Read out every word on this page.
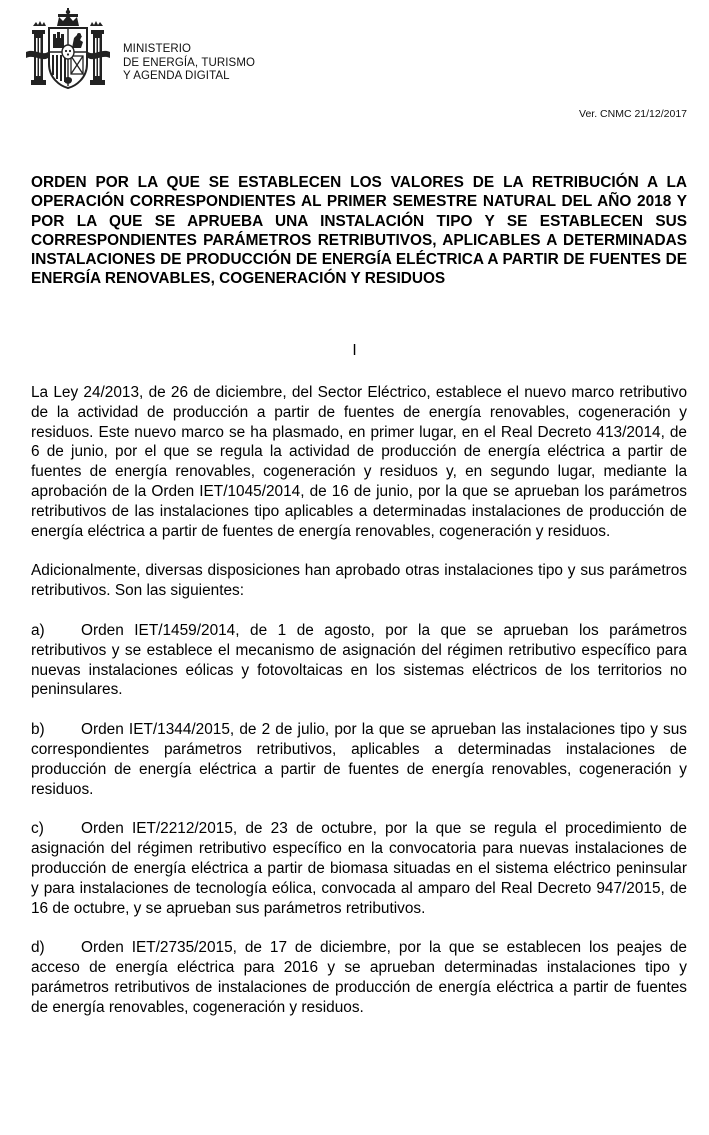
MINISTERIO
DE ENERGÍA, TURISMO
Y AGENDA DIGITAL
Ver. CNMC 21/12/2017
ORDEN POR LA QUE SE ESTABLECEN LOS VALORES DE LA RETRIBUCIÓN A LA OPERACIÓN CORRESPONDIENTES AL PRIMER SEMESTRE NATURAL DEL AÑO 2018 Y POR LA QUE SE APRUEBA UNA INSTALACIÓN TIPO Y SE ESTABLECEN SUS CORRESPONDIENTES PARÁMETROS RETRIBUTIVOS, APLICABLES A DETERMINADAS INSTALACIONES DE PRODUCCIÓN DE ENERGÍA ELÉCTRICA A PARTIR DE FUENTES DE ENERGÍA RENOVABLES, COGENERACIÓN Y RESIDUOS
I

La Ley 24/2013, de 26 de diciembre, del Sector Eléctrico, establece el nuevo marco retributivo de la actividad de producción a partir de fuentes de energía renovables, cogeneración y residuos. Este nuevo marco se ha plasmado, en primer lugar, en el Real Decreto 413/2014, de 6 de junio, por el que se regula la actividad de producción de energía eléctrica a partir de fuentes de energía renovables, cogeneración y residuos y, en segundo lugar, mediante la aprobación de la Orden IET/1045/2014, de 16 de junio, por la que se aprueban los parámetros retributivos de las instalaciones tipo aplicables a determinadas instalaciones de producción de energía eléctrica a partir de fuentes de energía renovables, cogeneración y residuos.

Adicionalmente, diversas disposiciones han aprobado otras instalaciones tipo y sus parámetros retributivos. Son las siguientes:

a) Orden IET/1459/2014, de 1 de agosto, por la que se aprueban los parámetros retributivos y se establece el mecanismo de asignación del régimen retributivo específico para nuevas instalaciones eólicas y fotovoltaicas en los sistemas eléctricos de los territorios no peninsulares.

b) Orden IET/1344/2015, de 2 de julio, por la que se aprueban las instalaciones tipo y sus correspondientes parámetros retributivos, aplicables a determinadas instalaciones de producción de energía eléctrica a partir de fuentes de energía renovables, cogeneración y residuos.

c) Orden IET/2212/2015, de 23 de octubre, por la que se regula el procedimiento de asignación del régimen retributivo específico en la convocatoria para nuevas instalaciones de producción de energía eléctrica a partir de biomasa situadas en el sistema eléctrico peninsular y para instalaciones de tecnología eólica, convocada al amparo del Real Decreto 947/2015, de 16 de octubre, y se aprueban sus parámetros retributivos.

d) Orden IET/2735/2015, de 17 de diciembre, por la que se establecen los peajes de acceso de energía eléctrica para 2016 y se aprueban determinadas instalaciones tipo y parámetros retributivos de instalaciones de producción de energía eléctrica a partir de fuentes de energía renovables, cogeneración y residuos.
